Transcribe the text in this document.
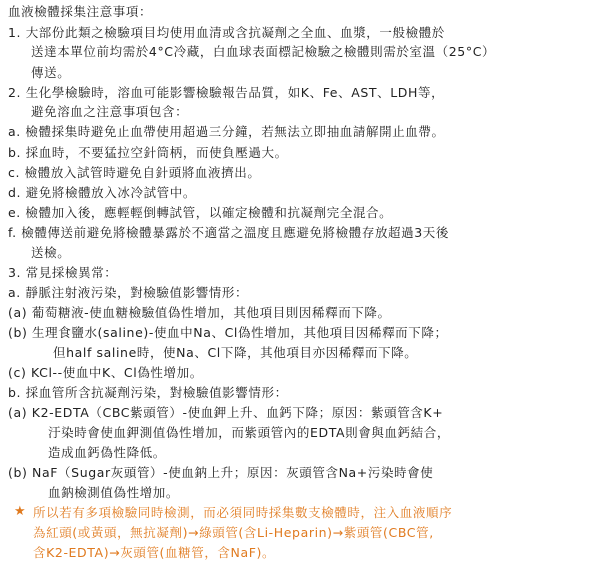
血液檢體採集注意事項：
1. 大部份此類之檢驗項目均使用血清或含抗凝劑之全血、血漿，一般檢體於
送達本單位前均需於4°C冷藏，白血球表面標記檢驗之檢體則需於室溫（25°C）
傳送。
2. 生化學檢驗時，溶血可能影響檢驗報告品質，如K、Fe、AST、LDH等，
避免溶血之注意事項包含：
a. 檢體採集時避免止血帶使用超過三分鐘，若無法立即抽血請解開止血帶。
b. 採血時，不要猛拉空針筒柄，而使負壓過大。
c. 檢體放入試管時避免自針頭將血液擠出。
d. 避免將檢體放入冰冷試管中。
e. 檢體加入後，應輕輕倒轉試管，以確定檢體和抗凝劑完全混合。
f. 檢體傳送前避免將檢體暴露於不適當之溫度且應避免將檢體存放超過3天後
送檢。
3. 常見採檢異常：
a. 靜脈注射液污染，對檢驗值影響情形：
(a) 葡萄糖液-使血糖檢驗值偽性增加，其他項目則因稀釋而下降。
(b) 生理食鹽水(saline)-使血中Na、Cl偽性增加，其他項目因稀釋而下降；
但half saline時，使Na、Cl下降，其他項目亦因稀釋而下降。
(c) KCl--使血中K、Cl偽性增加。
b. 採血管所含抗凝劑污染，對檢驗值影響情形：
(a) K2-EDTA（CBC紫頭管）-使血鉀上升、血鈣下降；原因：紫頭管含K+
汙染時會使血鉀測值偽性增加，而紫頭管內的EDTA則會與血鈣結合，
造成血鈣偽性降低。
(b) NaF（Sugar灰頭管）-使血鈉上升；原因：灰頭管含Na+污染時會使
血鈉檢測值偽性增加。
★ 所以若有多項檢驗同時檢測，而必須同時採集數支檢體時，注入血液順序
為紅頭(或黃頭，無抗凝劑)→綠頭管(含Li-Heparin)→紫頭管(CBC管,
含K2-EDTA)→灰頭管(血糖管，含NaF)。
